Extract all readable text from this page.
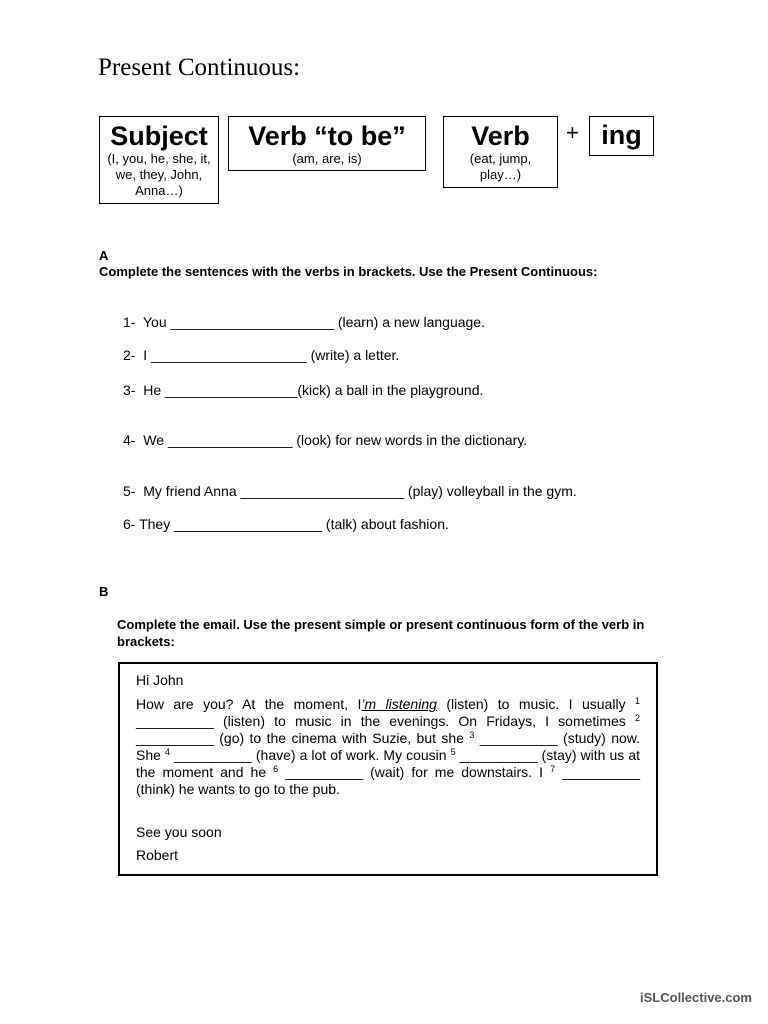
Present Continuous:
Subject
(I, you, he, she, it, we, they, John, Anna…)
Verb “to be”
(am, are, is)
Verb
(eat, jump, play…)
+ ing
A
Complete the sentences with the verbs in brackets. Use the Present Continuous:
1-  You _____________________ (learn) a new language.
2-  I ____________________ (write) a letter.
3-  He _________________(kick) a ball in the playground.
4-  We ________________ (look) for new words in the dictionary.
5-  My friend Anna _____________________ (play) volleyball in the gym.
6- They ___________________ (talk) about fashion.
B
Complete the email. Use the present simple or present continuous form of the verb in brackets:
Hi John
How are you? At the moment, I’m listening (listen) to music. I usually $^1$ __________ (listen) to music in the evenings. On Fridays, I sometimes $^2$ __________ (go) to the cinema with Suzie, but she $^3$ __________ (study) now. She $^4$ __________ (have) a lot of work. My cousin $^5$ __________ (stay) with us at the moment and he $^6$ __________ (wait) for me downstairs. I $^7$ __________ (think) he wants to go to the pub.
See you soon
Robert
iSLCollective.com
